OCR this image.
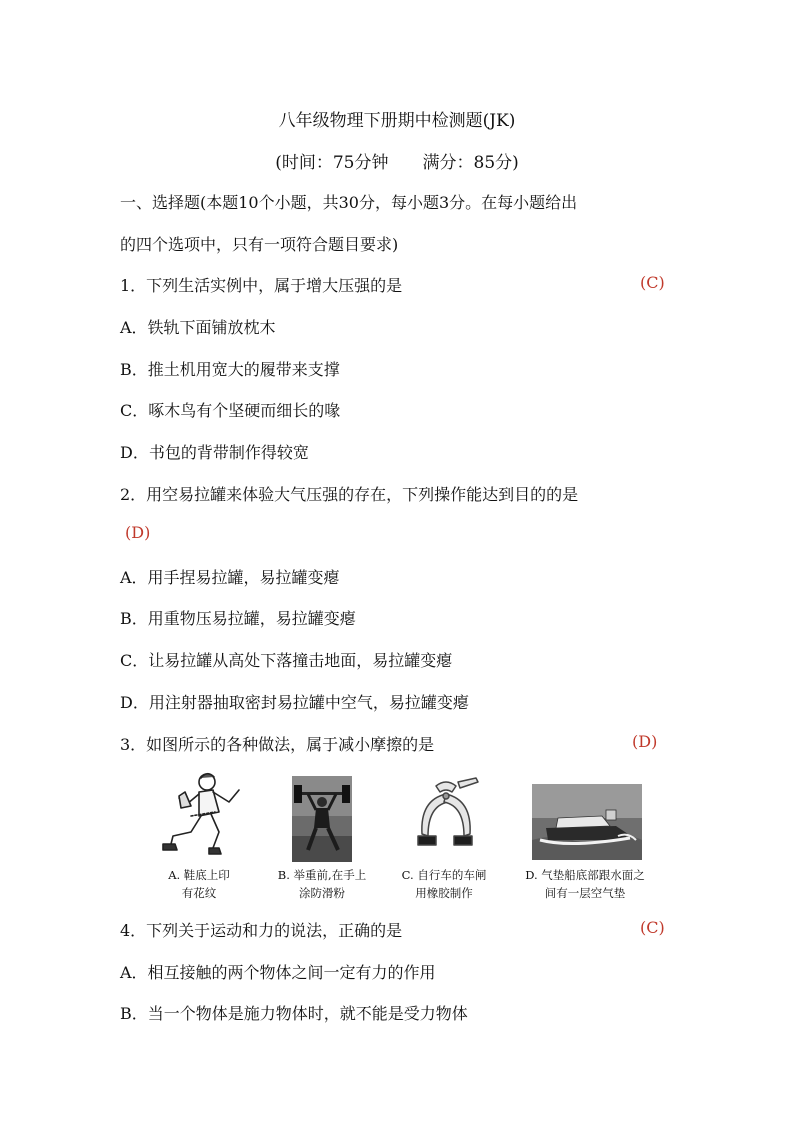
八年级物理下册期中检测题(JK)
(时间：75分钟　　满分：85分)
一、选择题(本题10个小题，共30分，每小题3分。在每小题给出
的四个选项中，只有一项符合题目要求)
1．下列生活实例中，属于增大压强的是	(C)
A．铁轨下面铺放枕木
B．推土机用宽大的履带来支撑
C．啄木鸟有个坚硬而细长的喙
D．书包的背带制作得较宽
2．用空易拉罐来体验大气压强的存在，下列操作能达到目的的是
(D)
A．用手捏易拉罐，易拉罐变瘪
B．用重物压易拉罐，易拉罐变瘪
C．让易拉罐从高处下落撞击地面，易拉罐变瘪
D．用注射器抽取密封易拉罐中空气，易拉罐变瘪
3．如图所示的各种做法，属于减小摩擦的是	(D)
A. 鞋底上印
有花纹
B. 举重前,在手上
涂防滑粉
C. 自行车的车闸
用橡胶制作
D. 气垫船底部跟水面之
间有一层空气垫
4．下列关于运动和力的说法，正确的是	(C)
A．相互接触的两个物体之间一定有力的作用
B．当一个物体是施力物体时，就不能是受力物体
